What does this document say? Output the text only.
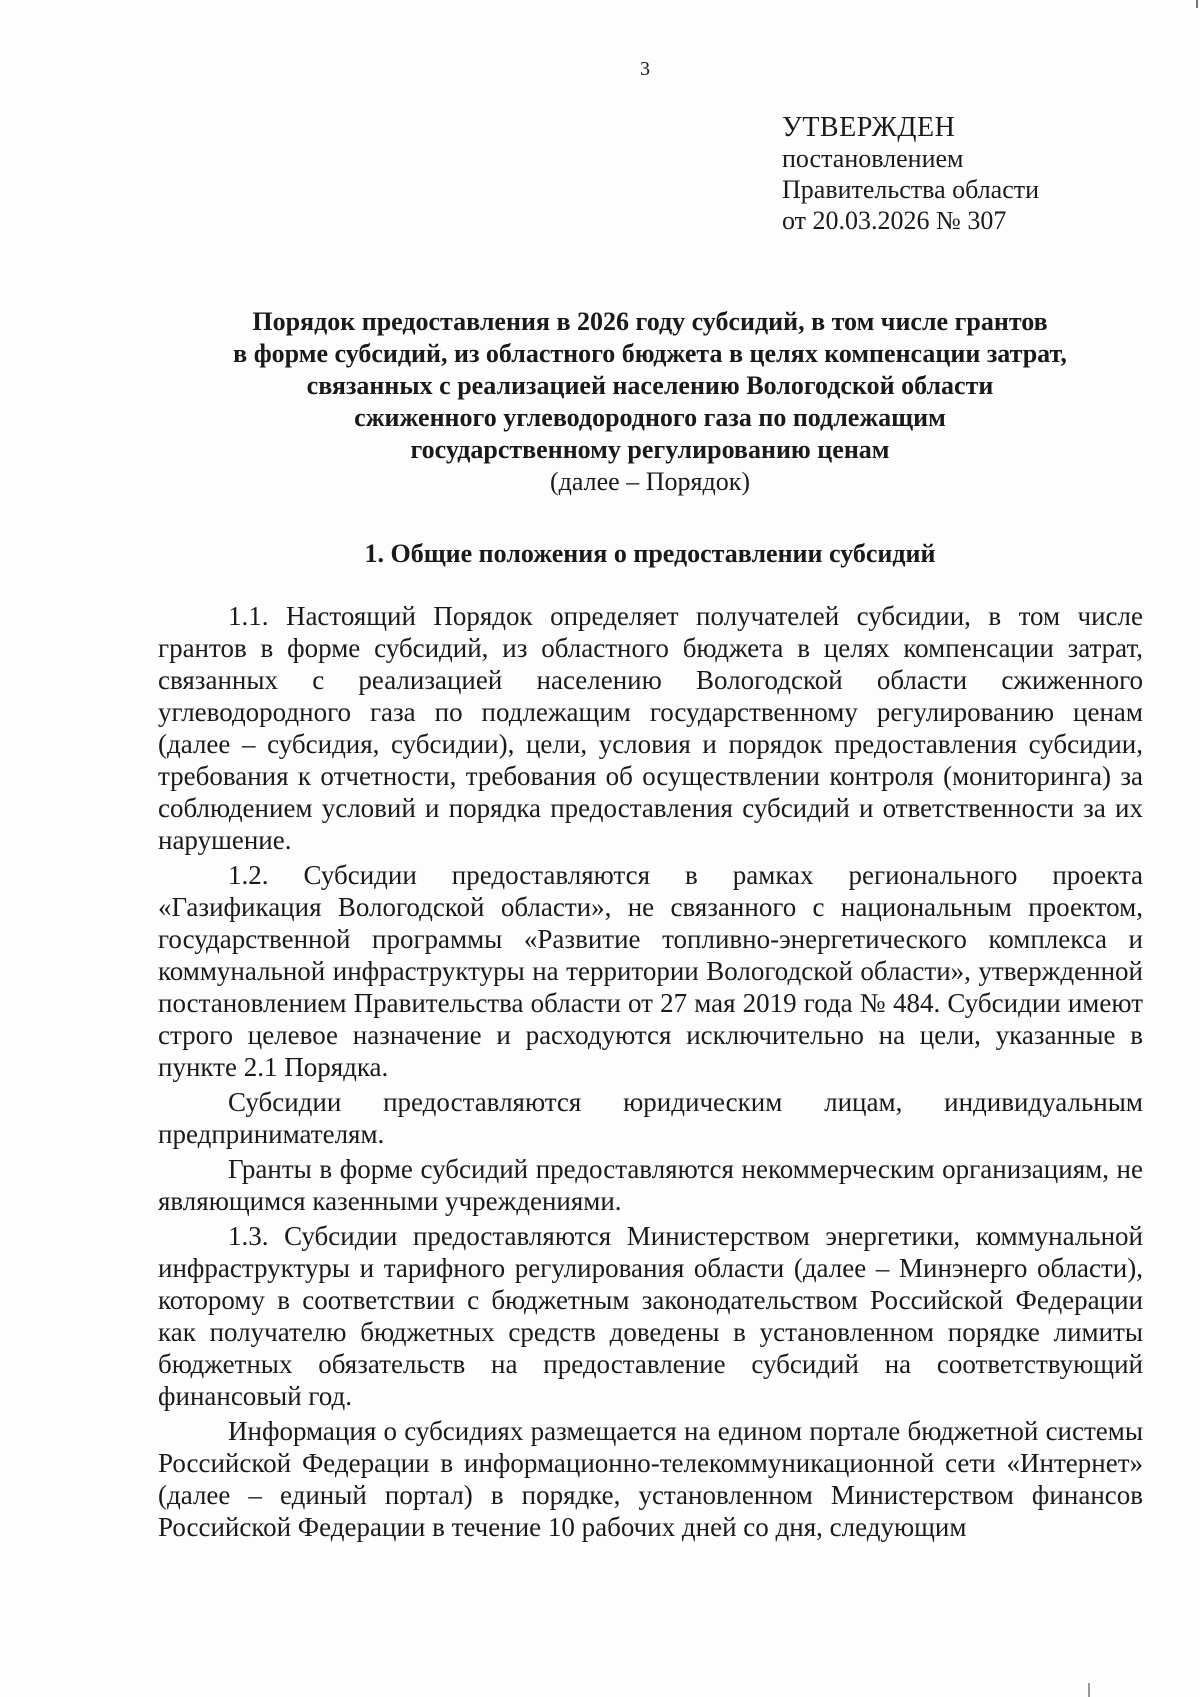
3
УТВЕРЖДЕН
постановлением
Правительства области
от 20.03.2026 № 307
Порядок предоставления в 2026 году субсидий, в том числе грантов
в форме субсидий, из областного бюджета в целях компенсации затрат,
связанных с реализацией населению Вологодской области
сжиженного углеводородного газа по подлежащим
государственному регулированию ценам
(далее – Порядок)
1. Общие положения о предоставлении субсидий

1.1. Настоящий Порядок определяет получателей субсидии, в том числе грантов в форме субсидий, из областного бюджета в целях компенсации затрат, связанных с реализацией населению Вологодской области сжиженного углеводородного газа по подлежащим государственному регулированию ценам (далее – субсидия, субсидии), цели, условия и порядок предоставления субсидии, требования к отчетности, требования об осуществлении контроля (мониторинга) за соблюдением условий и порядка предоставления субсидий и ответственности за их нарушение.

1.2. Субсидии предоставляются в рамках регионального проекта «Газификация Вологодской области», не связанного с национальным проектом, государственной программы «Развитие топливно-энергетического комплекса и коммунальной инфраструктуры на территории Вологодской области», утвержденной постановлением Правительства области от 27 мая 2019 года № 484. Субсидии имеют строго целевое назначение и расходуются исключительно на цели, указанные в пункте 2.1 Порядка.

Субсидии предоставляются юридическим лицам, индивидуальным предпринимателям.

Гранты в форме субсидий предоставляются некоммерческим организациям, не являющимся казенными учреждениями.

1.3. Субсидии предоставляются Министерством энергетики, коммунальной инфраструктуры и тарифного регулирования области (далее – Минэнерго области), которому в соответствии с бюджетным законодательством Российской Федерации как получателю бюджетных средств доведены в установленном порядке лимиты бюджетных обязательств на предоставление субсидий на соответствующий финансовый год.

Информация о субсидиях размещается на едином портале бюджетной системы Российской Федерации в информационно-телекоммуникационной сети «Интернет» (далее – единый портал) в порядке, установленном Министерством финансов Российской Федерации в течение 10 рабочих дней со дня, следующим
